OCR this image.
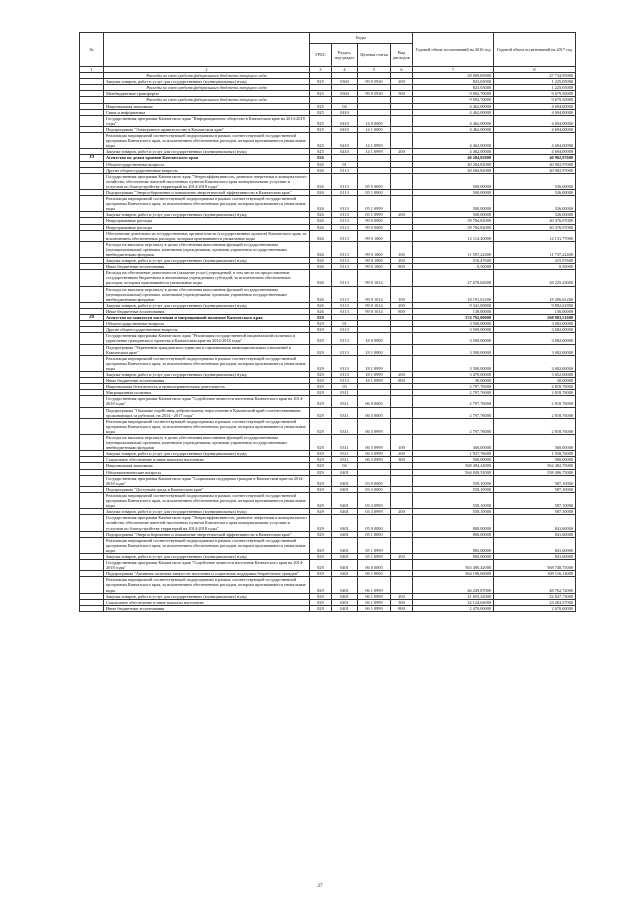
№		Коды				Годовой объем ассигнований на 2016 год	Годовой объем ассигнований на 2017 год
		ГРБС	Раздел, под-раздел	Целевая статья	Вид расходов		
1	2	3	4	5	6	7	8
	Расходы за счет средств федерального бюджета текущего года					28 009,85000	27 734,95000
	Закупка товаров, работ и услуг для государственных (муниципальных) нужд	825	0304	99 0 5930	200	823,03000	1 225,05000
	Расходы за счет средств федерального бюджета текущего года					823,03000	1 225,05000
	Межбюджетные трансферты	825	0304	99 0 5930	500	9 092,70000	9 679,50000
	Расходы за счет средств федерального бюджета текущего года					9 092,70000	9 679,50000
	Национальная экономика	825	04			4 462,00000	4 694,00000
	Связь и информатика	825	0410			4 462,00000	4 694,00000
	Государственная программа Камчатского края "Информационное общество в Камчатском крае на 2014-2018 годы"	825	0410	14 0 0000		4 462,00000	4 694,00000
	Подпрограмма "Электронное правительство в Камчатском крае"	825	0410	14 1 0000		4 462,00000	4 694,00000
	Реализация мероприятий соответствующей подпрограммы в рамках соответствующей государственной программы Камчатского края, за исключением обеспеченных расходов, которым присваиваются уникальные коды	825	0410	14 1 0999		4 462,00000	4 694,00000
	Закупка товаров, работ и услуг для государственных (муниципальных) нужд	825	0410	14 1 0999	200	4 462,00000	4 694,00000
19	Агентство по делам архивов Камчатского края	826				40 284,82000	40 902,97000
	Общегосударственные вопросы	826	01			40 284,82000	40 902,97000
	Другие общегосударственные вопросы	826	0113			40 284,82000	40 902,97000
	Государственная программа Камчатского края "Энергоэффективность, развитие энергетики и коммунального хозяйства, обеспечение жителей населенных пунктов Камчатского края коммунальными услугами и услугами по благоустройству территорий на 2014-2018 годы"	826	0113	05 0 0000		500,00000	526,00000
	Подпрограмма "Энергосбережение и повышение энергетической эффективности в Камчатском крае"	826	0113	05 1 0000		500,00000	526,00000
	Реализация мероприятий соответствующей подпрограммы в рамках соответствующей государственной программы Камчатского края, за исключением обеспеченных расходов, которым присваиваются уникальные коды	826	0113	05 1 0999		500,00000	526,00000
	Закупка товаров, работ и услуг для государственных (муниципальных) нужд	826	0113	05 1 0999	200	500,00000	526,00000
	Непрограммные расходы	826	0113	99 0 0000		39 784,82000	40 376,97000
	Непрограммные расходы	826	0113	99 0 0000		39 784,82000	40 376,97000
	Обеспечение деятельности государственных органов власти (государственных органов) Камчатского края, за исключением обеспеченных расходов, которым присваиваются уникальные коды	826	0113	99 0 1000		12 114,20000	12 131,77000
	Расходы на выплаты персоналу в целях обеспечения выполнения функций государственными (муниципальными) органами, казенными учреждениями, органами управления государственными внебюджетными фондами	826	0113	99 0 1000	100	11 597,22400	11 737,22400
	Закупка товаров, работ и услуг для государственных (муниципальных) нужд	826	0113	99 0 1000	200	516,47600	415,97600
	Иные бюджетные ассигнования	826	0113	99 0 1000	800	0,50000	0,50000
	Расходы на обеспечение деятельности (оказание услуг) учреждений, в том числе на предоставление государственным бюджетным и автономным учреждениям субсидий, за исключением обеспеченных расходов, которым присваиваются уникальные коды	826	0113	99 0 1014		27 670,62000	28 225,23000
	Расходы на выплаты персоналу в целях обеспечения выполнения функций государственными (муниципальными) органами, казенными учреждениями, органами управления государственными внебюджетными фондами	826	0113	99 0 1014	100	18 191,61200	18 206,61200
	Закупка товаров, работ и услуг для государственных (муниципальных) нужд	826	0113	99 0 1014	200	9 341,00800	9 882,61800
	Иные бюджетные ассигнования	826	0113	99 0 1014	800	138,00000	136,00000
20	Агентство по занятости населения и миграционной политике Камчатского края	829				574 792,00000	568 983,51000
	Общегосударственные вопросы	829	01			3 500,00000	3 682,00000
	Другие общегосударственные вопросы	829	0113			3 500,00000	3 682,00000
	Государственная программа Камчатского края "Реализация государственной национальной политики и укрепление гражданского единства в Камчатском крае на 2014-2018 годы"	829	0113	18 0 0000		3 500,00000	3 682,00000
	Подпрограмма "Укрепление гражданского единства и гармонизация межнациональных отношений в Камчатском крае"	829	0113	18 1 0000		3 500,00000	3 682,00000
	Реализация мероприятий соответствующей подпрограммы в рамках соответствующей государственной программы Камчатского края, за исключением обеспеченных расходов, которым присваиваются уникальные коды	829	0113	18 1 0999		3 500,00000	3 682,00000
	Закупка товаров, работ и услуг для государственных (муниципальных) нужд	829	0113	18 1 0999	200	3 470,00000	3 652,00000
	Иные бюджетные ассигнования	829	0113	18 1 0999	800	30,00000	30,00000
	Национальная безопасность и правоохранительная деятельность	829	03			2 797,76000	2 818,76000
	Миграционная политика	829	0311			2 797,76000	2 818,76000
	Государственная программа Камчатского края "Содействие занятости населения Камчатского края на 2014-2018 годы"	829	0311	06 0 0000		2 797,76000	2 818,76000
	Подпрограмма "Оказание содействия добровольному переселению в Камчатский край соотечественников, проживающих за рубежом, на 2014 - 2017 годы"	829	0311	06 3 0000		2 797,76000	2 818,76000
	Реализация мероприятий соответствующей подпрограммы в рамках соответствующей государственной программы Камчатского края, за исключением обеспеченных расходов, которым присваиваются уникальные коды	829	0311	06 3 0999		2 797,76000	2 818,76000
	Расходы на выплаты персоналу в целях обеспечения выполнения функций государственными (муниципальными) органами, казенными учреждениями, органами управления государственными внебюджетными фондами	829	0311	06 3 0999	100	360,00000	360,00000
	Закупка товаров, работ и услуг для государственных (муниципальных) нужд	829	0311	06 3 0999	200	1 937,76000	1 958,76000
	Социальное обеспечение и иные выплаты населению	829	0311	06 3 0999	300	500,00000	500,00000
	Национальная экономика	829	04			568 494,24000	562 482,75000
	Общеэкономические вопросы	829	0401			564 849,52000	558 406,75000
	Государственная программа Камчатского края "Социальная поддержка граждан в Камчатском крае на 2014-2018 годы"	829	0401	03 0 0000		558,10000	587,10000
	Подпрограмма "Доступная среда в Камчатском крае"	829	0401	03 3 0000		558,10000	587,10000
	Реализация мероприятий соответствующей подпрограммы в рамках соответствующей государственной программы Камчатского края, за исключением обеспеченных расходов, которым присваиваются уникальные коды	829	0401	03 3 0999		558,10000	587,10000
	Закупка товаров, работ и услуг для государственных (муниципальных) нужд	829	0401	03 3 0999	200	558,10000	587,10000
	Государственная программа Камчатского края "Энергоэффективность, развитие энергетики и коммунального хозяйства, обеспечение жителей населенных пунктов Камчатского края коммунальными услугами и услугами по благоустройству территорий на 2014-2018 годы"	829	0401	05 0 0000		800,00000	841,60000
	Подпрограмма "Энергосбережение и повышение энергетической эффективности в Камчатском крае"	829	0401	05 1 0000		800,00000	841,60000
	Реализация мероприятий соответствующей подпрограммы в рамках соответствующей государственной программы Камчатского края, за исключением обеспеченных расходов, которым присваиваются уникальные коды	829	0401	05 1 0999		800,00000	841,60000
	Закупка товаров, работ и услуг для государственных (муниципальных) нужд	829	0401	05 1 0999	200	800,00000	841,60000
	Государственная программа Камчатского края "Содействие занятости населения Камчатского края на 2014-2018 годы"	829	0401	06 0 0000		563 490,42000	568 748,75000
	Подпрограмма "Активная политика занятости населения и социальная поддержка безработных граждан"	829	0401	06 1 0000		364 196,69000	309 116,14000
	Реализация мероприятий соответствующей подпрограммы в рамках соответствующей государственной программы Камчатского края, за исключением обеспеченных расходов, которым присваиваются уникальные коды	829	0401	06 1 0999		46 249,87000	48 762,72000
	Закупка товаров, работ и услуг для государственных (муниципальных) нужд	829	0401	06 1 0999	200	21 655,22000	22 827,73000
	Социальное обеспечение и иные выплаты населению	829	0401	06 1 0999	300	22 124,64000	23 263,57000
	Иные бюджетные ассигнования	829	0401	06 1 0999	800	2 470,00000	2 670,00000
27
